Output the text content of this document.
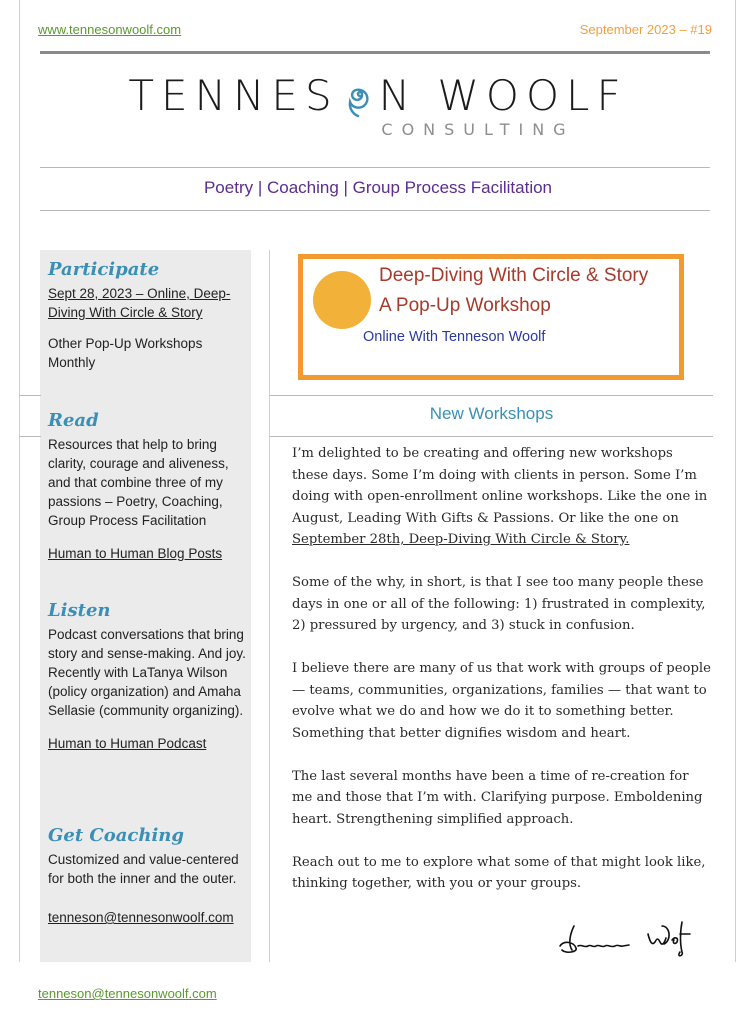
www.tennesonwoolf.com	September 2023 – #19
TENNES N WOOLF
CONSULTING
Poetry | Coaching | Group Process Facilitation
Participate
Sept 28, 2023 – Online, Deep-Diving With Circle & Story

Other Pop-Up Workshops Monthly

Read

Resources that help to bring clarity, courage and aliveness, and that combine three of my passions – Poetry, Coaching, Group Process Facilitation

Human to Human Blog Posts
Listen

Podcast conversations that bring story and sense-making. And joy. Recently with LaTanya Wilson (policy organization) and Amaha Sellasie (community organizing).

Human to Human Podcast
Get Coaching

Customized and value-centered for both the inner and the outer.

tenneson@tennesonwoolf.com
Deep-Diving With Circle & Story
A Pop-Up Workshop
Online With Tenneson Woolf
New Workshops

I’m delighted to be creating and offering new workshops these days. Some I’m doing with clients in person. Some I’m doing with open-enrollment online workshops. Like the one in August, Leading With Gifts & Passions. Or like the one on September 28th, Deep-Diving With Circle & Story.

Some of the why, in short, is that I see too many people these days in one or all of the following: 1) frustrated in complexity, 2) pressured by urgency, and 3) stuck in confusion.

I believe there are many of us that work with groups of people — teams, communities, organizations, families — that want to evolve what we do and how we do it to something better. Something that better dignifies wisdom and heart.

The last several months have been a time of re-creation for me and those that I’m with. Clarifying purpose. Emboldening heart. Strengthening simplified approach.

Reach out to me to explore what some of that might look like, thinking together, with you or your groups.

tenneson@tennesonwoolf.com
